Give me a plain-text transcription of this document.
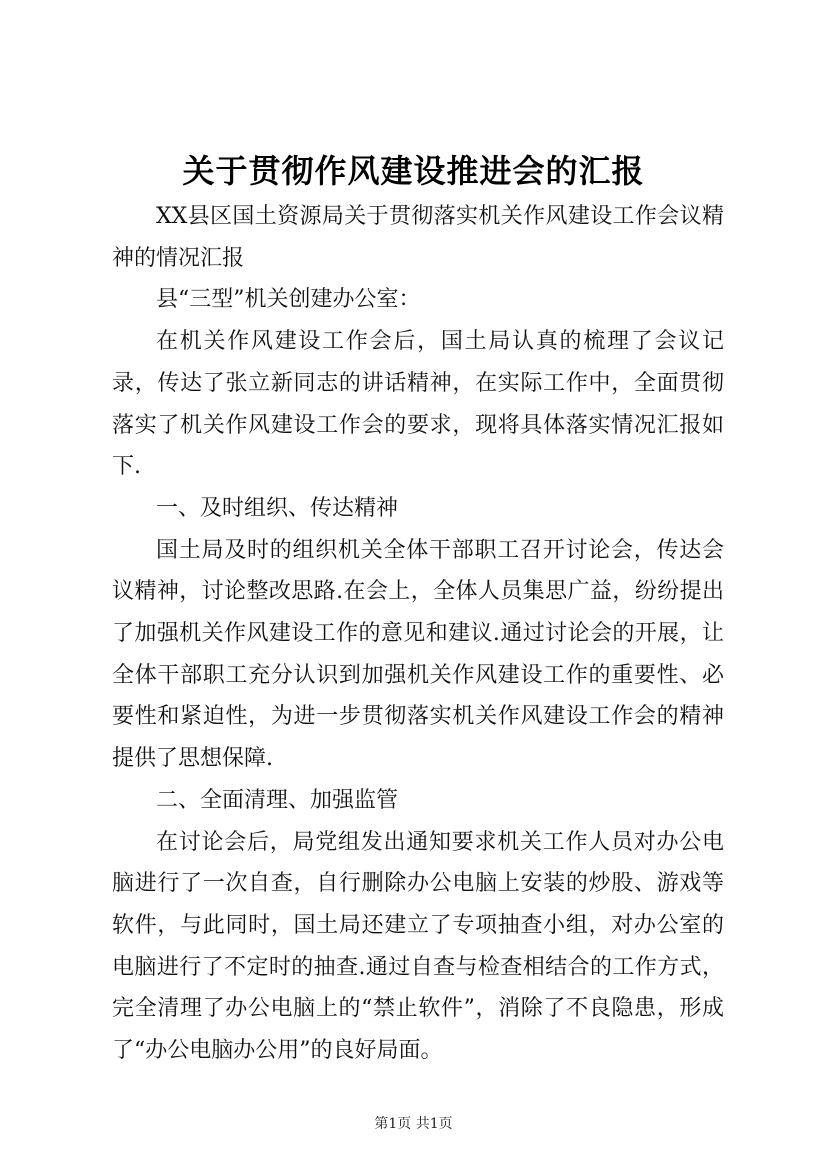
关于贯彻作风建设推进会的汇报

XX县区国土资源局关于贯彻落实机关作风建设工作会议精神的情况汇报

县“三型”机关创建办公室：

在机关作风建设工作会后，国土局认真的梳理了会议记录，传达了张立新同志的讲话精神，在实际工作中，全面贯彻落实了机关作风建设工作会的要求，现将具体落实情况汇报如下.

一、及时组织、传达精神

国土局及时的组织机关全体干部职工召开讨论会，传达会议精神，讨论整改思路.在会上，全体人员集思广益，纷纷提出了加强机关作风建设工作的意见和建议.通过讨论会的开展，让全体干部职工充分认识到加强机关作风建设工作的重要性、必要性和紧迫性，为进一步贯彻落实机关作风建设工作会的精神提供了思想保障.

二、全面清理、加强监管

在讨论会后，局党组发出通知要求机关工作人员对办公电脑进行了一次自查，自行删除办公电脑上安装的炒股、游戏等软件，与此同时，国土局还建立了专项抽查小组，对办公室的电脑进行了不定时的抽查.通过自查与检查相结合的工作方式，完全清理了办公电脑上的“禁止软件”，消除了不良隐患，形成了“办公电脑办公用”的良好局面。

第1页 共1页
